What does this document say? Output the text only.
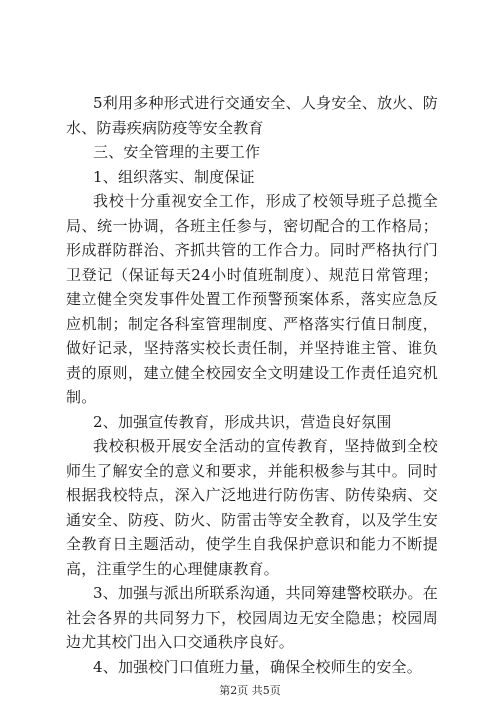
5利用多种形式进行交通安全、人身安全、放火、防水、防毒疾病防疫等安全教育

三、安全管理的主要工作

1、组织落实、制度保证

我校十分重视安全工作，形成了校领导班子总揽全局、统一协调，各班主任参与，密切配合的工作格局；形成群防群治、齐抓共管的工作合力。同时严格执行门卫登记（保证每天24小时值班制度）、规范日常管理；建立健全突发事件处置工作预警预案体系，落实应急反应机制；制定各科室管理制度、严格落实行值日制度，做好记录，坚持落实校长责任制，并坚持谁主管、谁负责的原则，建立健全校园安全文明建设工作责任追究机制。

2、加强宣传教育，形成共识，营造良好氛围

我校积极开展安全活动的宣传教育，坚持做到全校师生了解安全的意义和要求，并能积极参与其中。同时根据我校特点，深入广泛地进行防伤害、防传染病、交通安全、防疫、防火、防雷击等安全教育，以及学生安全教育日主题活动，使学生自我保护意识和能力不断提高，注重学生的心理健康教育。

3、加强与派出所联系沟通，共同筹建警校联办。在社会各界的共同努力下，校园周边无安全隐患；校园周边尤其校门出入口交通秩序良好。

4、加强校门口值班力量，确保全校师生的安全。

第2页 共5页
